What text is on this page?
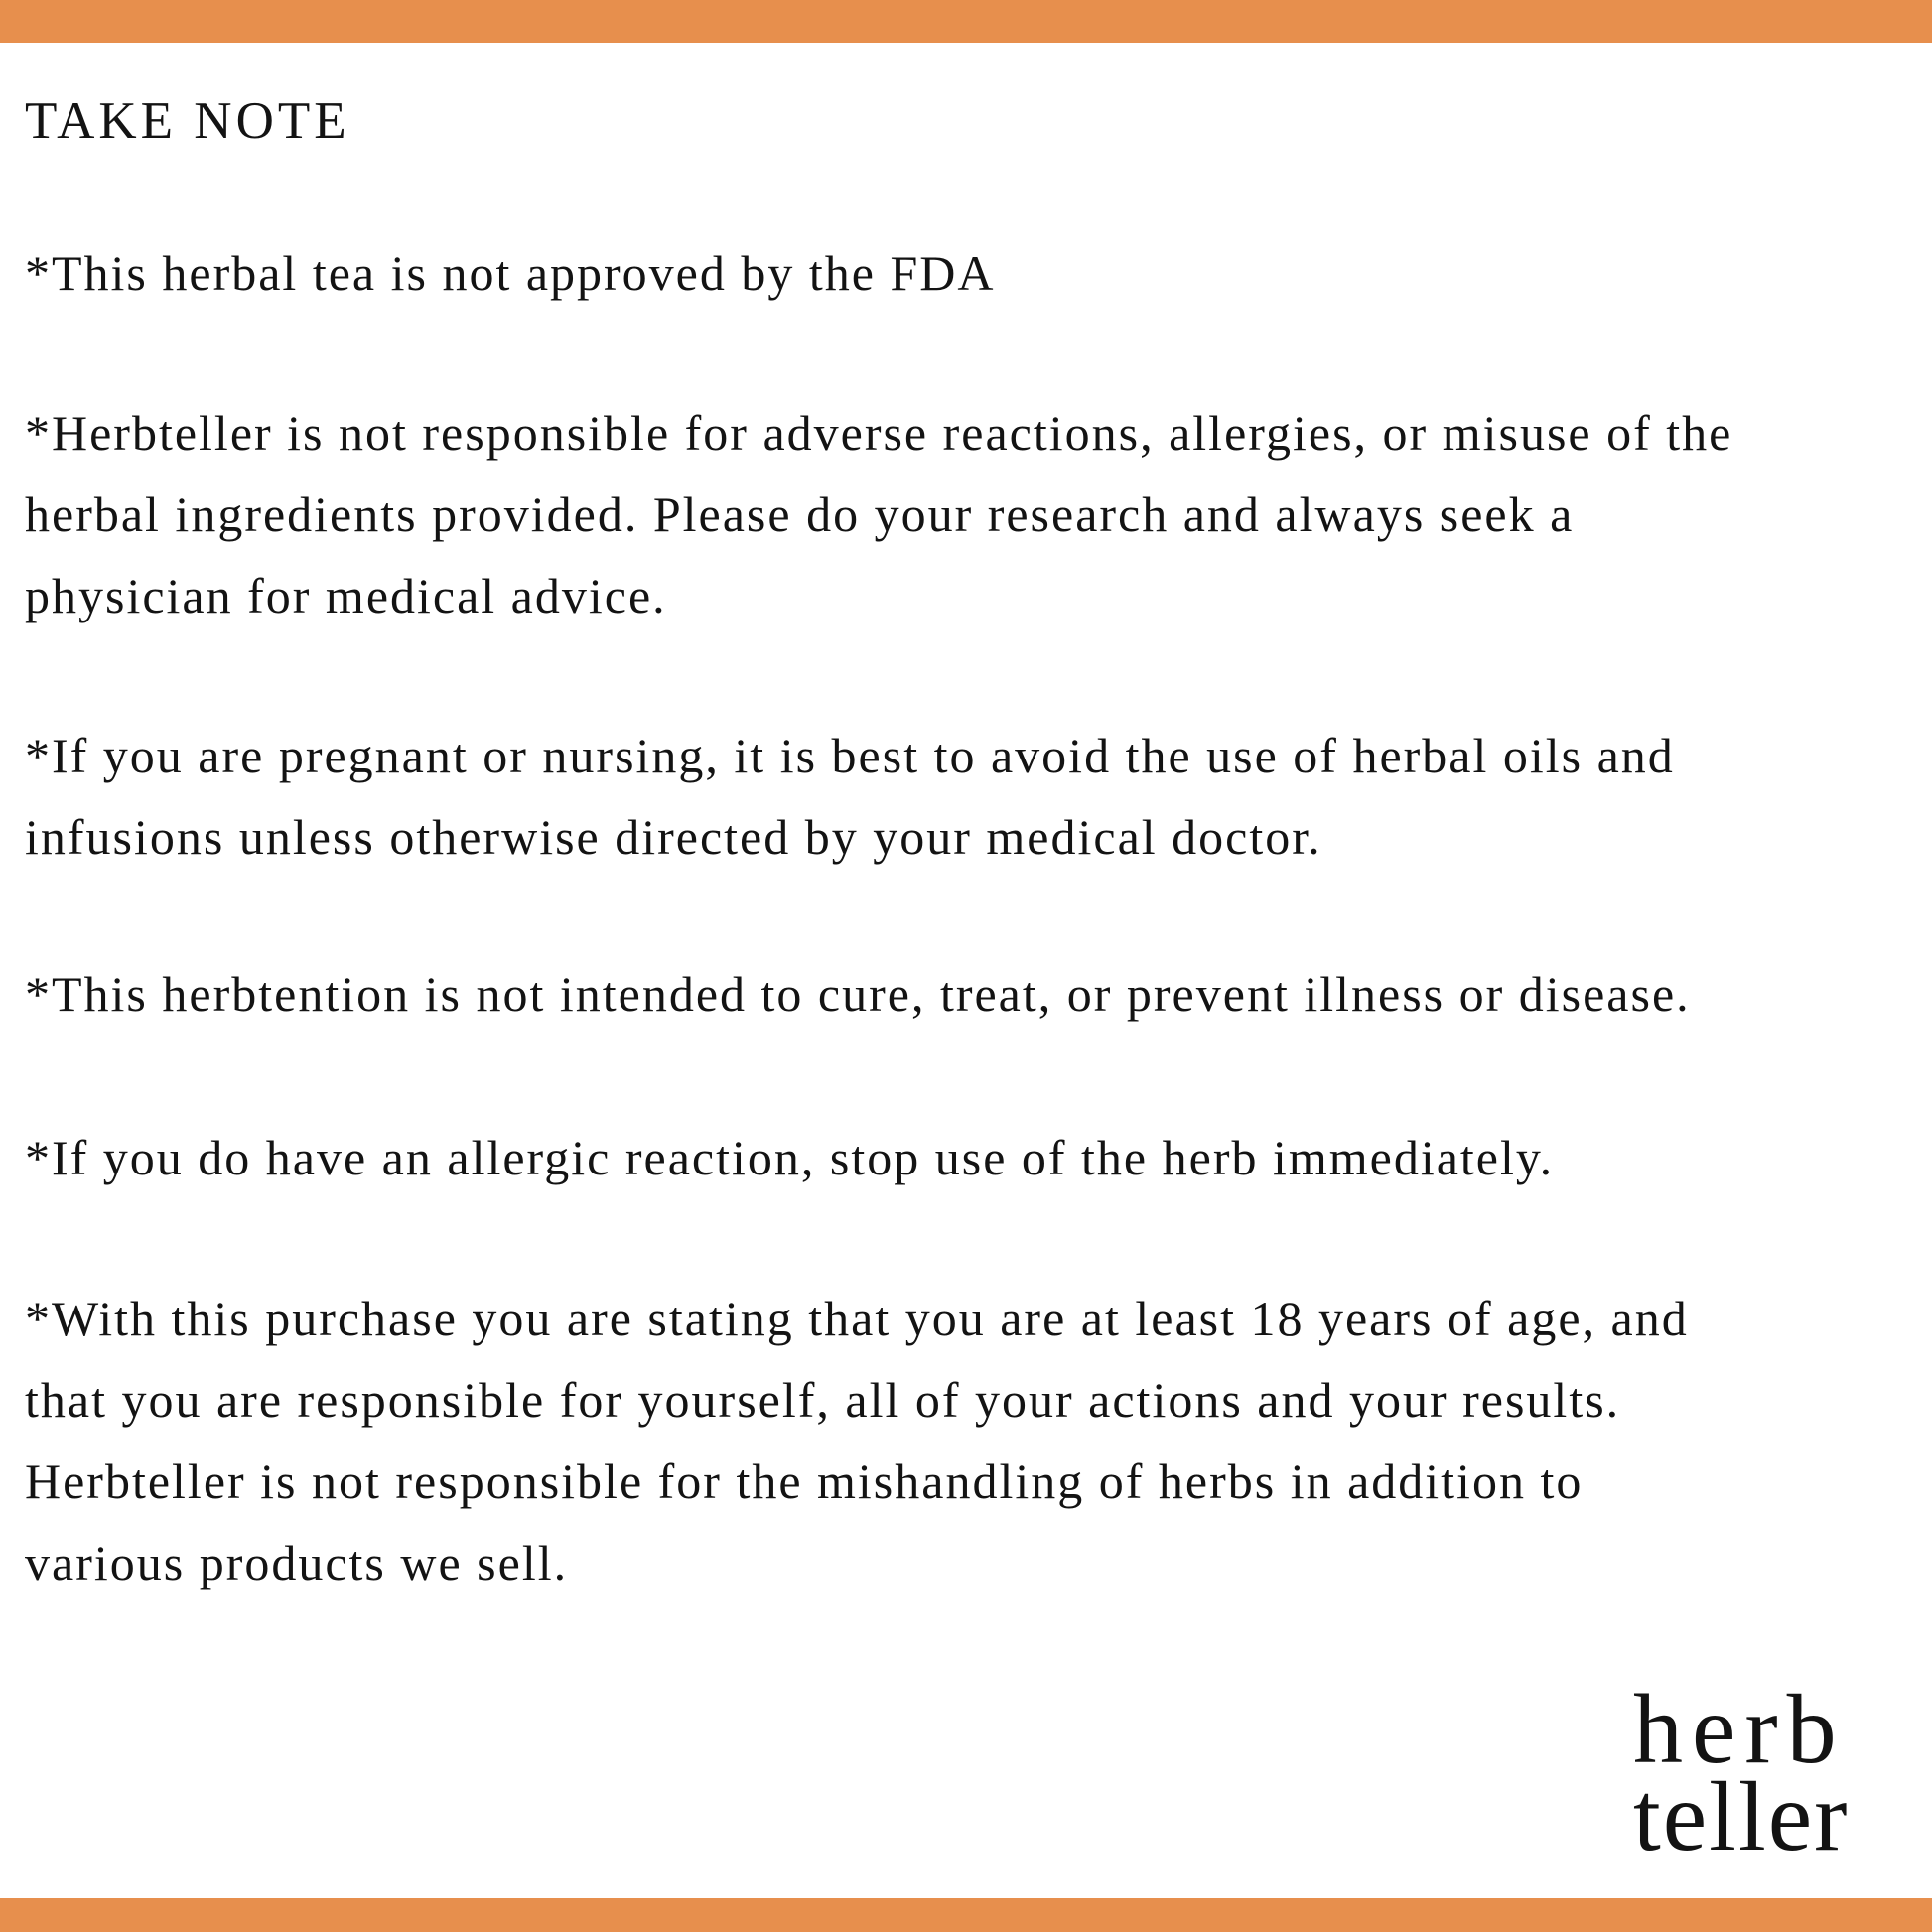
TAKE NOTE
*This herbal tea is not approved by the FDA
*Herbteller is not responsible for adverse reactions, allergies, or misuse of the
herbal ingredients provided. Please do your research and always seek a
physician for medical advice.
*If you are pregnant or nursing, it is best to avoid the use of herbal oils and
infusions unless otherwise directed by your medical doctor.
*This herbtention is not intended to cure, treat, or prevent illness or disease.
*If you do have an allergic reaction, stop use of the herb immediately.
*With this purchase you are stating that you are at least 18 years of age, and
that you are responsible for yourself, all of your actions and your results.
Herbteller is not responsible for the mishandling of herbs in addition to
various products we sell.
herb
teller
